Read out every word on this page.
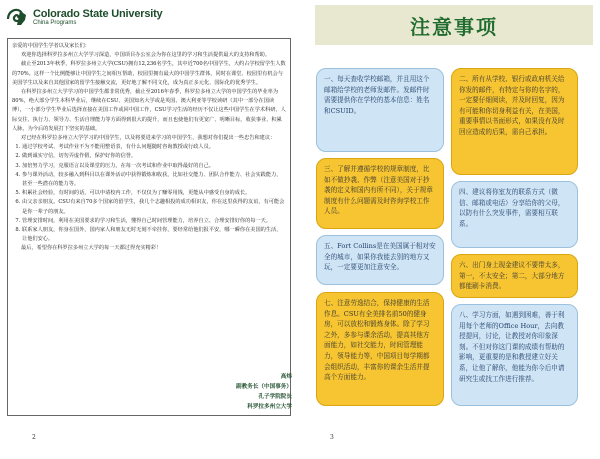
Colorado State University
China Programs

亲爱的中国学生学者以及家长们：

欢迎你选择科罗拉多州立大学学习深造，中国项目办公室会为你在这里的学习和生活提供最大的支持和帮助。

截止至2013年秋季，科罗拉多州立大学(CSU)拥有12,236名学生，其中近700名中国学生，大约占学校留学生人数的70%。这样一个比例能够让中国学生之间相互帮助，校园里拥有最大的中国学生群体，同时在课堂、校园里有机会与美国学生以及来自其他国家的留学生接触交流，更好地了解不同文化，成为真正多元化、国际化的优秀学生。

在科罗拉多州立大学学习的中国学生都非常优秀，截止至2016年春季，科罗拉多州立大学的中国学生的毕业率为80%，绝大部分学生本科毕业后，继续在CSU、美国知名大学或是英国、澳大利亚等学校读研（其中一部分在国读博），一小部分学生毕业后选择直接在美国工作或回中国工作，CSU学习生活的经历不仅让这些中国学生在学术科研、人际交往、执行力、领导力、生活自理能力等方面得到很大的提升，而且也使他们有更宽广、明晰目标，收获事业、积累人脉，为今后的发展打下坚实的基础。

对已经在科罗拉多州立大学学习的中国学生，以及将要进来学习的中国学生，我想对你们提出一些忠告和建议：

1. 通过学校考试、考试作业不为不能用整语表，有什么问题随时咨询教授或行政人员。
2. 做到诚实守信，切勿弄虚作假，保护好你的信誉。
3. 加倍努力学习，克服语言以及课堂的压力，在每一次考试和作业中取得最好的自己。
4. 参与课外活动，较多融入到科目以在课外活动中获得锻炼和收获，比如社交能力、团队合作能力、社会实践能力，甚至一些潜在的能力等。
5. 积累社会经验，有时间的话，可以申请校内工作，不仅仅为了赚零用钱，更能从中感受自身的成长。
6. 由父亲亲朋友。CSU有来自70多个国家的留学生，我几个志趣相投的成功相识友，你在这里获得的友谊，有可能会是你一辈子的朋友。
7. 管理安排时间，利用在美国要求的学习和生活，懂得自己时间管理能力，培养自立、合理安排好你的每一天。
8. 联系家人朋友，你身在国外，国内家人和朋友无时无刻不牵挂你，要经常给他们报平安，哪一瞬你在美国的生活，让他们安心。

最后，希望你在科罗拉多州立大学的每一天都过得充实精彩！

高炜
副教务长（中国事务）
孔子学院院长
科罗拉多州立大学
2
注意事项
一、每天查收学校邮箱，并且用这个邮箱给学校的老师发邮件。发邮件时需要提供你在学校的基本信息：姓名和CSUID。
二、所有从学校、银行或政府机关给你发的邮件，有特定与你的名字的，一定要仔细阅读，并及时回复，因为有可能和你切身利益有关，在美国，重要事情以书面形式，如果没有及时回应造成的后果，需自己承担。
三、了解并遵循学校的规章制度，比如不做抄袭、作弊（注意美国对于抄袭的定义和国内有所不同），关于规章制度有什么问题需及时咨询学校工作人员。
四、建议将你室友的联系方式（微信、邮箱或电话）分享给你的父母，以防有什么突发事件，需要相互联系。
五、Fort Collins是在美国属于相对安全的城市，如果你我能去别的地方又玩，一定要更加注意安全。	六、出门身上现金建议不要带太多，第一，不太安全；第二，大部分地方都能刷卡消费。
七、注意劳逸结合，保持健康的生活作息。CSU有全美排名前50的健身房，可以放松和锻炼身体。除了学习之外，多参与课余活动，提高其他方面能力，如社交能力，时间管理能力，领导能力等，中国项目每学期都会组织活动，丰富你的课余生活并提高个方面能力。
八、学习方面，如遇到困难，善于利用每个老师的Office Hour，去向教授提问，讨论，让教授对你印象深刻。不但对你这门课的成绩有帮助的影响，更重要的是和教授建立好关系，让他了解你，他能为你今后申请研究生或找工作进行推荐。
3
